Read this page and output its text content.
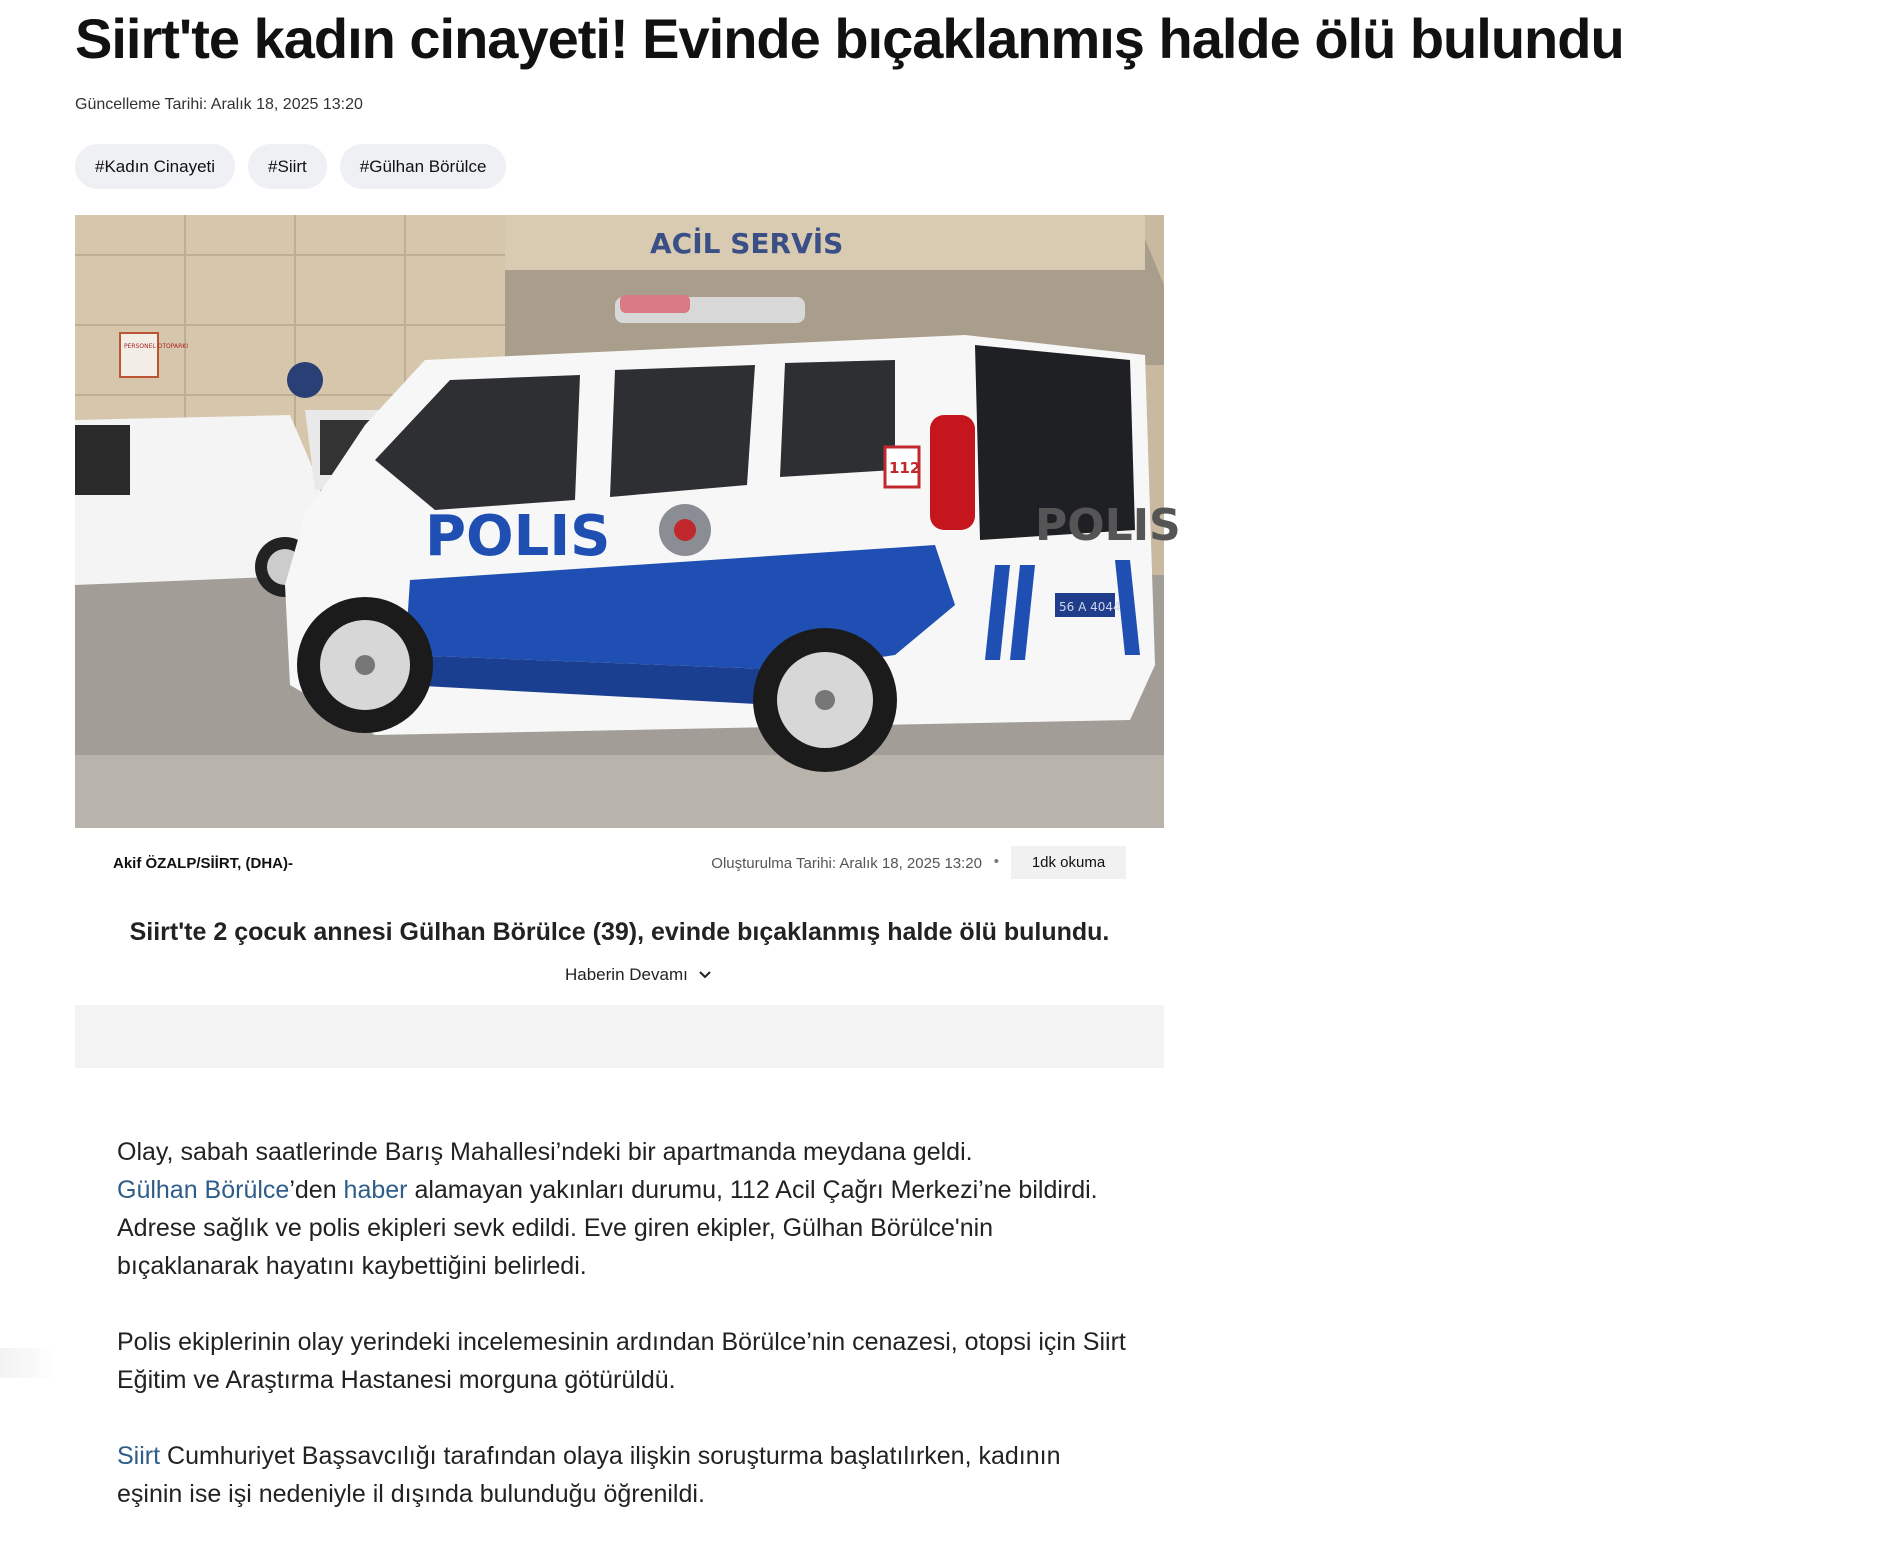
Siirt'te kadın cinayeti! Evinde bıçaklanmış halde ölü bulundu
Güncelleme Tarihi: Aralık 18, 2025 13:20
#Kadın Cinayeti	#Siirt	#Gülhan Börülce
ACİL SERVİS
PERSONEL OTOPARKI
POLIS
112
POLIS
56 A 4044
Akif ÖZALP/SİİRT, (DHA)-	Oluşturulma Tarihi: Aralık 18, 2025 13:20 •	1dk okuma

Siirt'te 2 çocuk annesi Gülhan Börülce (39), evinde bıçaklanmış halde ölü bulundu.

Haberin Devamı

Olay, sabah saatlerinde Barış Mahallesi’ndeki bir apartmanda meydana geldi.
Gülhan Börülce’den haber alamayan yakınları durumu, 112 Acil Çağrı Merkezi’ne bildirdi. Adrese sağlık ve polis ekipleri sevk edildi. Eve giren ekipler, Gülhan Börülce'nin bıçaklanarak hayatını kaybettiğini belirledi.

Polis ekiplerinin olay yerindeki incelemesinin ardından Börülce’nin cenazesi, otopsi için Siirt Eğitim ve Araştırma Hastanesi morguna götürüldü.

Siirt Cumhuriyet Başsavcılığı tarafından olaya ilişkin soruşturma başlatılırken, kadının eşinin ise işi nedeniyle il dışında bulunduğu öğrenildi.
